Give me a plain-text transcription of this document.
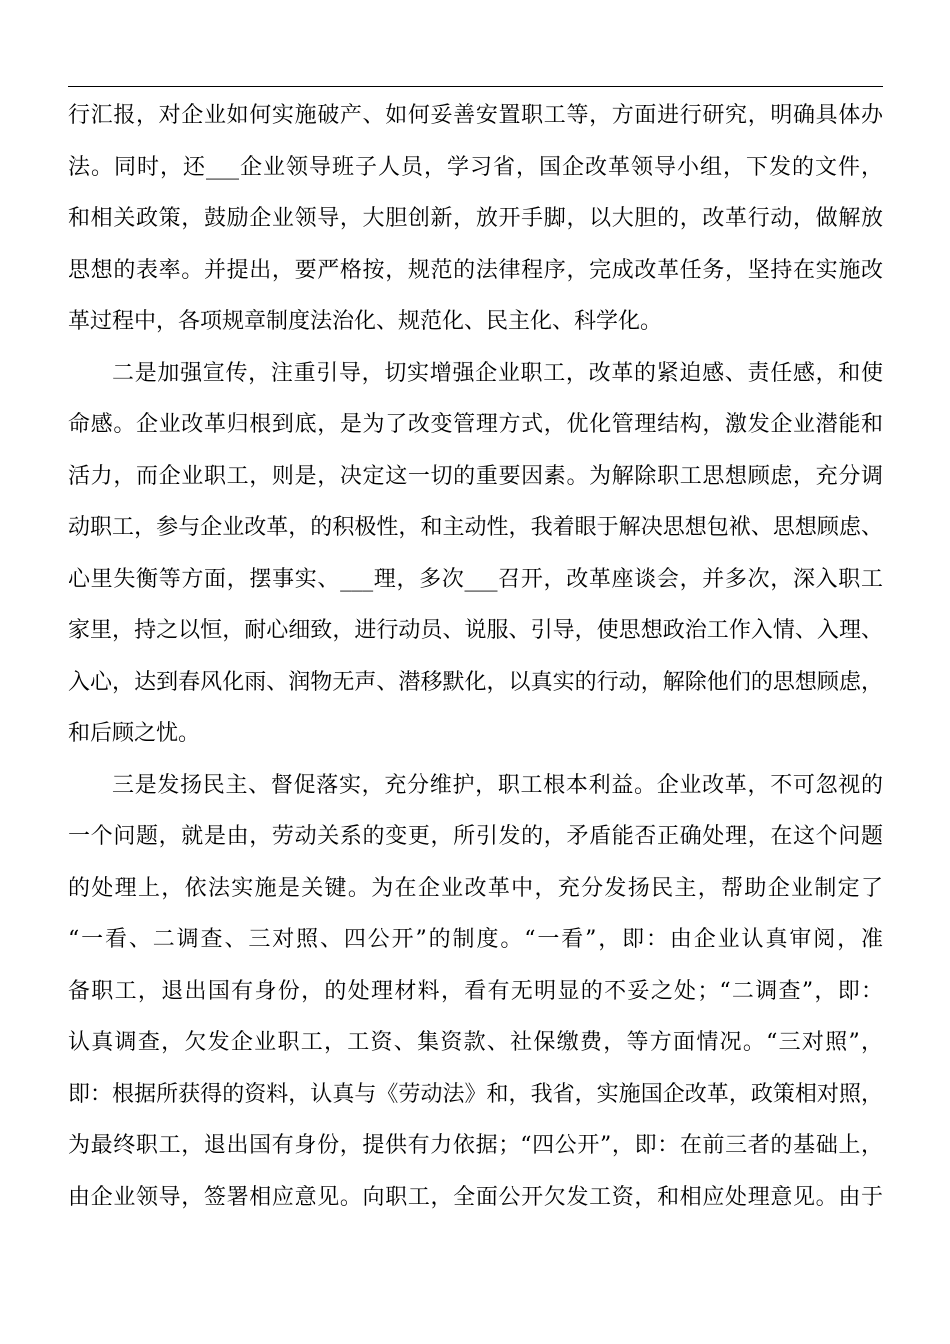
行汇报，对企业如何实施破产、如何妥善安置职工等，方面进行研究，明确具体办
法。同时，还___企业领导班子人员，学习省，国企改革领导小组，下发的文件，
和相关政策，鼓励企业领导，大胆创新，放开手脚，以大胆的，改革行动，做解放
思想的表率。并提出，要严格按，规范的法律程序，完成改革任务，坚持在实施改
革过程中，各项规章制度法治化、规范化、民主化、科学化。
二是加强宣传，注重引导，切实增强企业职工，改革的紧迫感、责任感，和使
命感。企业改革归根到底，是为了改变管理方式，优化管理结构，激发企业潜能和
活力，而企业职工，则是，决定这一切的重要因素。为解除职工思想顾虑，充分调
动职工，参与企业改革，的积极性，和主动性，我着眼于解决思想包袱、思想顾虑、
心里失衡等方面，摆事实、___理，多次___召开，改革座谈会，并多次，深入职工
家里，持之以恒，耐心细致，进行动员、说服、引导，使思想政治工作入情、入理、
入心，达到春风化雨、润物无声、潜移默化，以真实的行动，解除他们的思想顾虑，
和后顾之忧。
三是发扬民主、督促落实，充分维护，职工根本利益。企业改革，不可忽视的
一个问题，就是由，劳动关系的变更，所引发的，矛盾能否正确处理，在这个问题
的处理上，依法实施是关键。为在企业改革中，充分发扬民主，帮助企业制定了
“一看、二调查、三对照、四公开”的制度。“一看”，即：由企业认真审阅，准
备职工，退出国有身份，的处理材料，看有无明显的不妥之处；“二调查”，即：
认真调查，欠发企业职工，工资、集资款、社保缴费，等方面情况。“三对照”，
即：根据所获得的资料，认真与《劳动法》和，我省，实施国企改革，政策相对照，
为最终职工，退出国有身份，提供有力依据；“四公开”，即：在前三者的基础上，
由企业领导，签署相应意见。向职工，全面公开欠发工资，和相应处理意见。由于
